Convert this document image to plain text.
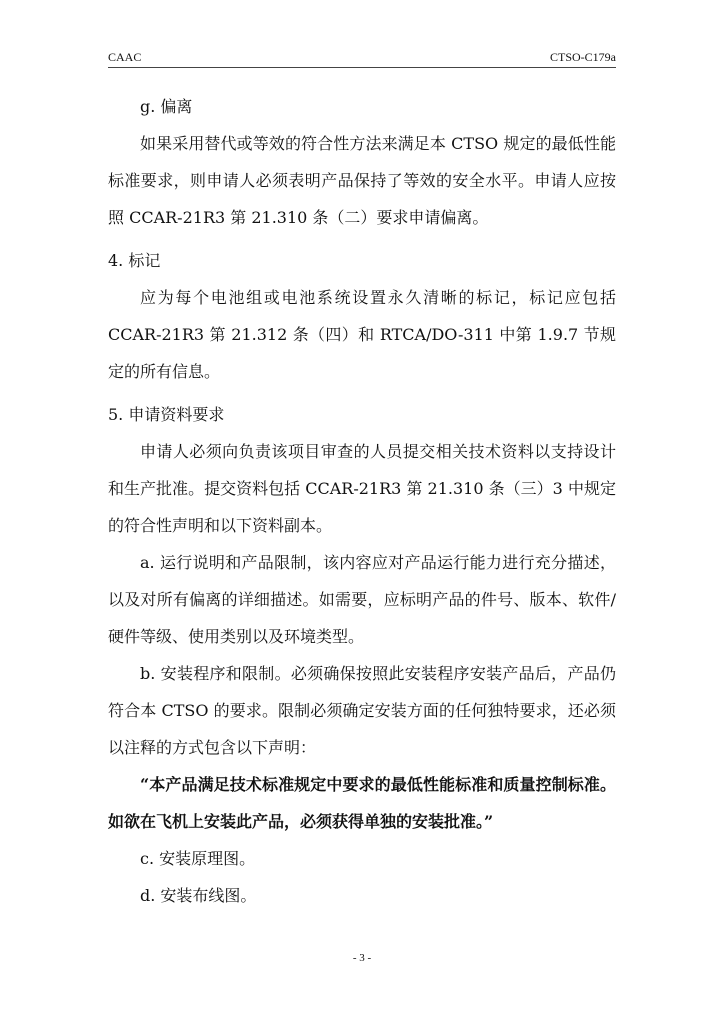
CAAC	CTSO-C179a

g. 偏离

如果采用替代或等效的符合性方法来满足本 CTSO 规定的最低性能标准要求，则申请人必须表明产品保持了等效的安全水平。申请人应按照 CCAR-21R3 第 21.310 条（二）要求申请偏离。

4. 标记

应为每个电池组或电池系统设置永久清晰的标记，标记应包括 CCAR-21R3 第 21.312 条（四）和 RTCA/DO-311 中第 1.9.7 节规定的所有信息。

5. 申请资料要求

申请人必须向负责该项目审查的人员提交相关技术资料以支持设计和生产批准。提交资料包括 CCAR-21R3 第 21.310 条（三）3 中规定的符合性声明和以下资料副本。

a. 运行说明和产品限制，该内容应对产品运行能力进行充分描述，以及对所有偏离的详细描述。如需要，应标明产品的件号、版本、软件/硬件等级、使用类别以及环境类型。

b. 安装程序和限制。必须确保按照此安装程序安装产品后，产品仍符合本 CTSO 的要求。限制必须确定安装方面的任何独特要求，还必须以注释的方式包含以下声明：

“本产品满足技术标准规定中要求的最低性能标准和质量控制标准。如欲在飞机上安装此产品，必须获得单独的安装批准。”

c. 安装原理图。

d. 安装布线图。

- 3 -
